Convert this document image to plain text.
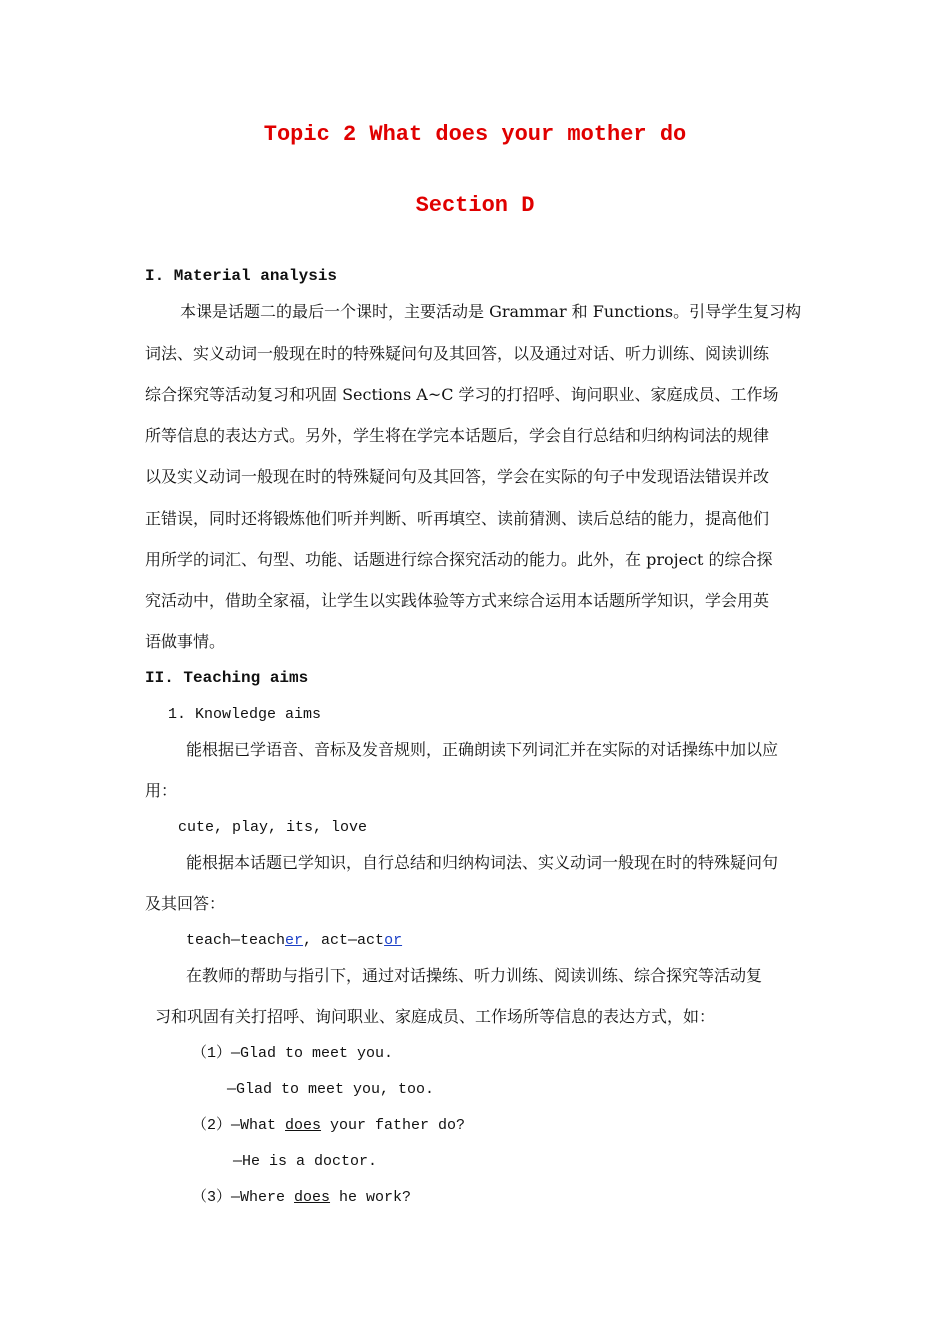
Topic 2 What does your mother do
Section D
I. Material analysis
本课是话题二的最后一个课时，主要活动是 Grammar 和 Functions。引导学生复习构
词法、实义动词一般现在时的特殊疑问句及其回答，以及通过对话、听力训练、阅读训练
综合探究等活动复习和巩固 Sections A~C 学习的打招呼、询问职业、家庭成员、工作场
所等信息的表达方式。另外，学生将在学完本话题后，学会自行总结和归纳构词法的规律
以及实义动词一般现在时的特殊疑问句及其回答，学会在实际的句子中发现语法错误并改
正错误，同时还将锻炼他们听并判断、听再填空、读前猜测、读后总结的能力，提高他们
用所学的词汇、句型、功能、话题进行综合探究活动的能力。此外，在 project 的综合探
究活动中，借助全家福，让学生以实践体验等方式来综合运用本话题所学知识，学会用英
语做事情。
II. Teaching aims
1. Knowledge aims
能根据已学语音、音标及发音规则，正确朗读下列词汇并在实际的对话操练中加以应
用：
cute, play, its, love
能根据本话题已学知识，自行总结和归纳构词法、实义动词一般现在时的特殊疑问句
及其回答：
teach—teacher, act—actor
在教师的帮助与指引下，通过对话操练、听力训练、阅读训练、综合探究等活动复
习和巩固有关打招呼、询问职业、家庭成员、工作场所等信息的表达方式，如：
（1）—Glad to meet you.
—Glad to meet you, too.
（2）—What does your father do?
—He is a doctor.
（3）—Where does he work?
